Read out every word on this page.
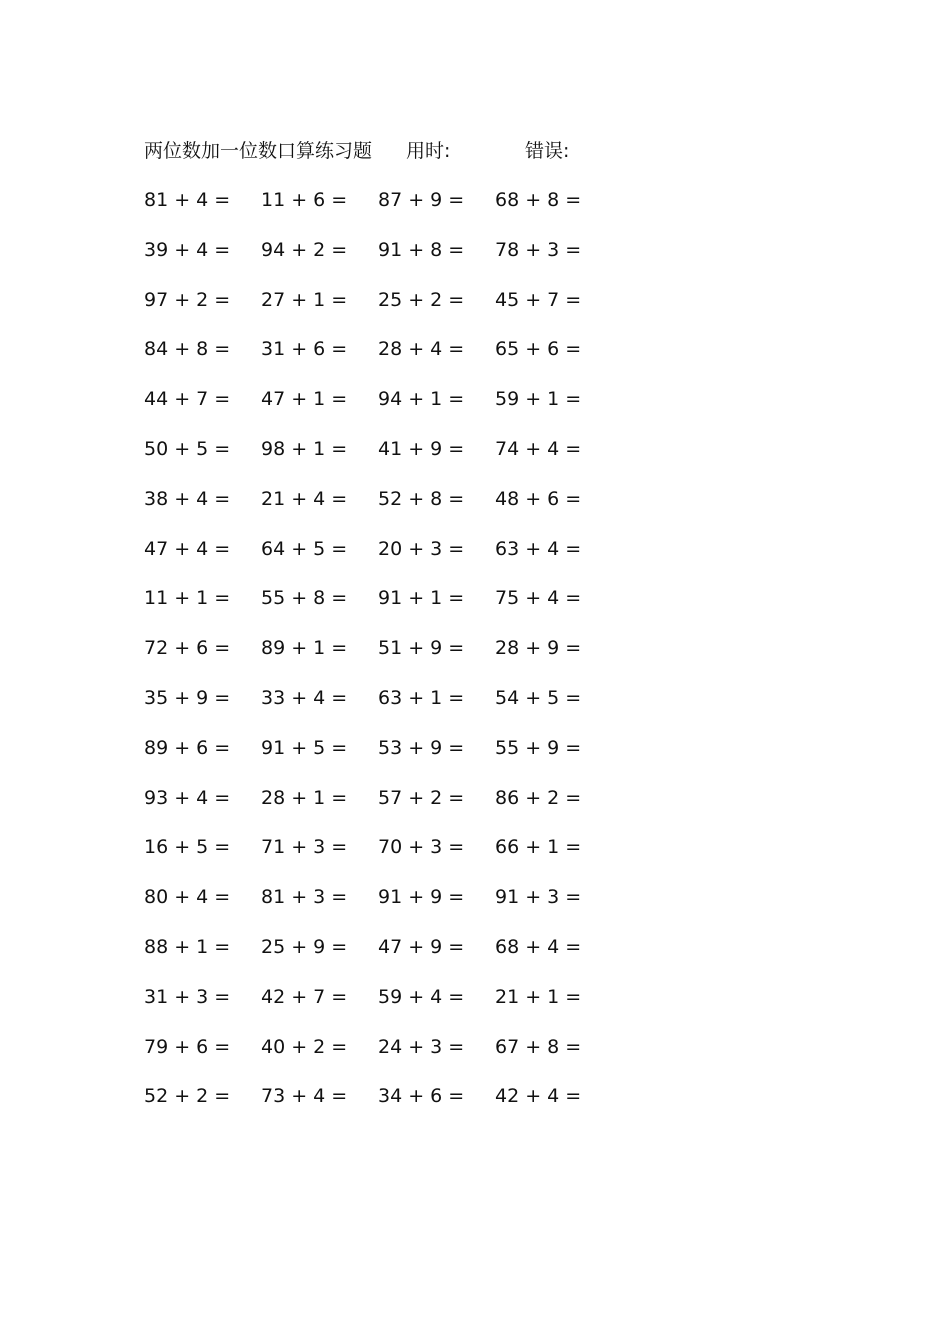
两位数加一位数口算练习题 用时:	错误:
81 + 4 = 11 + 6 = 87 + 9 = 68 + 8 =
39 + 4 = 94 + 2 = 91 + 8 = 78 + 3 =
97 + 2 = 27 + 1 = 25 + 2 = 45 + 7 =
84 + 8 = 31 + 6 = 28 + 4 = 65 + 6 =
44 + 7 = 47 + 1 = 94 + 1 = 59 + 1 =
50 + 5 = 98 + 1 = 41 + 9 = 74 + 4 =
38 + 4 = 21 + 4 = 52 + 8 = 48 + 6 =
47 + 4 = 64 + 5 = 20 + 3 = 63 + 4 =
11 + 1 = 55 + 8 = 91 + 1 = 75 + 4 =
72 + 6 = 89 + 1 = 51 + 9 = 28 + 9 =
35 + 9 = 33 + 4 = 63 + 1 = 54 + 5 =
89 + 6 = 91 + 5 = 53 + 9 = 55 + 9 =
93 + 4 = 28 + 1 = 57 + 2 = 86 + 2 =
16 + 5 = 71 + 3 = 70 + 3 = 66 + 1 =
80 + 4 = 81 + 3 = 91 + 9 = 91 + 3 =
88 + 1 = 25 + 9 = 47 + 9 = 68 + 4 =
31 + 3 = 42 + 7 = 59 + 4 = 21 + 1 =
79 + 6 = 40 + 2 = 24 + 3 = 67 + 8 =
52 + 2 = 73 + 4 = 34 + 6 = 42 + 4 =
